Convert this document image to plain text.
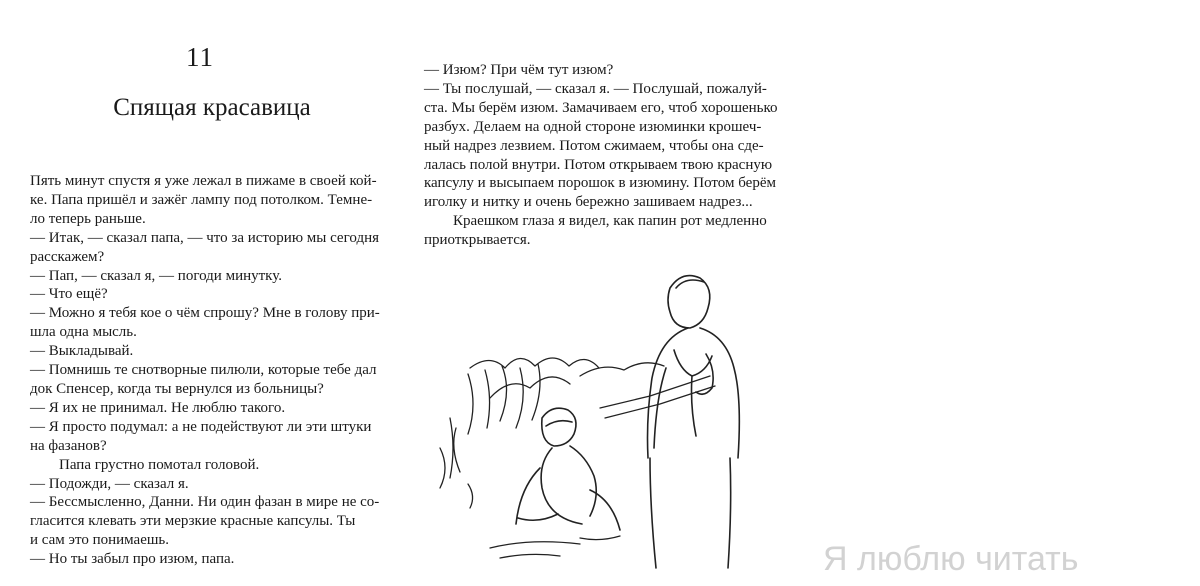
11
Спящая красавица
Пять минут спустя я уже лежал в пижаме в своей кой-
ке. Папа пришёл и зажёг лампу под потолком. Темне-
ло теперь раньше.
— Итак, — сказал папа, — что за историю мы сегодня
расскажем?
— Пап, — сказал я, — погоди минутку.
— Что ещё?
— Можно я тебя кое о чём спрошу? Мне в голову при-
шла одна мысль.
— Выкладывай.
— Помнишь те снотворные пилюли, которые тебе дал
док Спенсер, когда ты вернулся из больницы?
— Я их не принимал. Не люблю такого.
— Я просто подумал: а не подействуют ли эти штуки
на фазанов?
Папа грустно помотал головой.
— Подожди, — сказал я.
— Бессмысленно, Данни. Ни один фазан в мире не со-
гласится клевать эти мерзкие красные капсулы. Ты
и сам это понимаешь.
— Но ты забыл про изюм, папа.
— Изюм? При чём тут изюм?
— Ты послушай, — сказал я. — Послушай, пожалуй-
ста. Мы берём изюм. Замачиваем его, чтоб хорошенько
разбух. Делаем на одной стороне изюминки крошеч-
ный надрез лезвием. Потом сжимаем, чтобы она сде-
лалась полой внутри. Потом открываем твою красную
капсулу и высыпаем порошок в изюмину. Потом берём
иголку и нитку и очень бережно зашиваем надрез...
Краешком глаза я видел, как папин рот медленно
приоткрывается.
Я люблю читать
